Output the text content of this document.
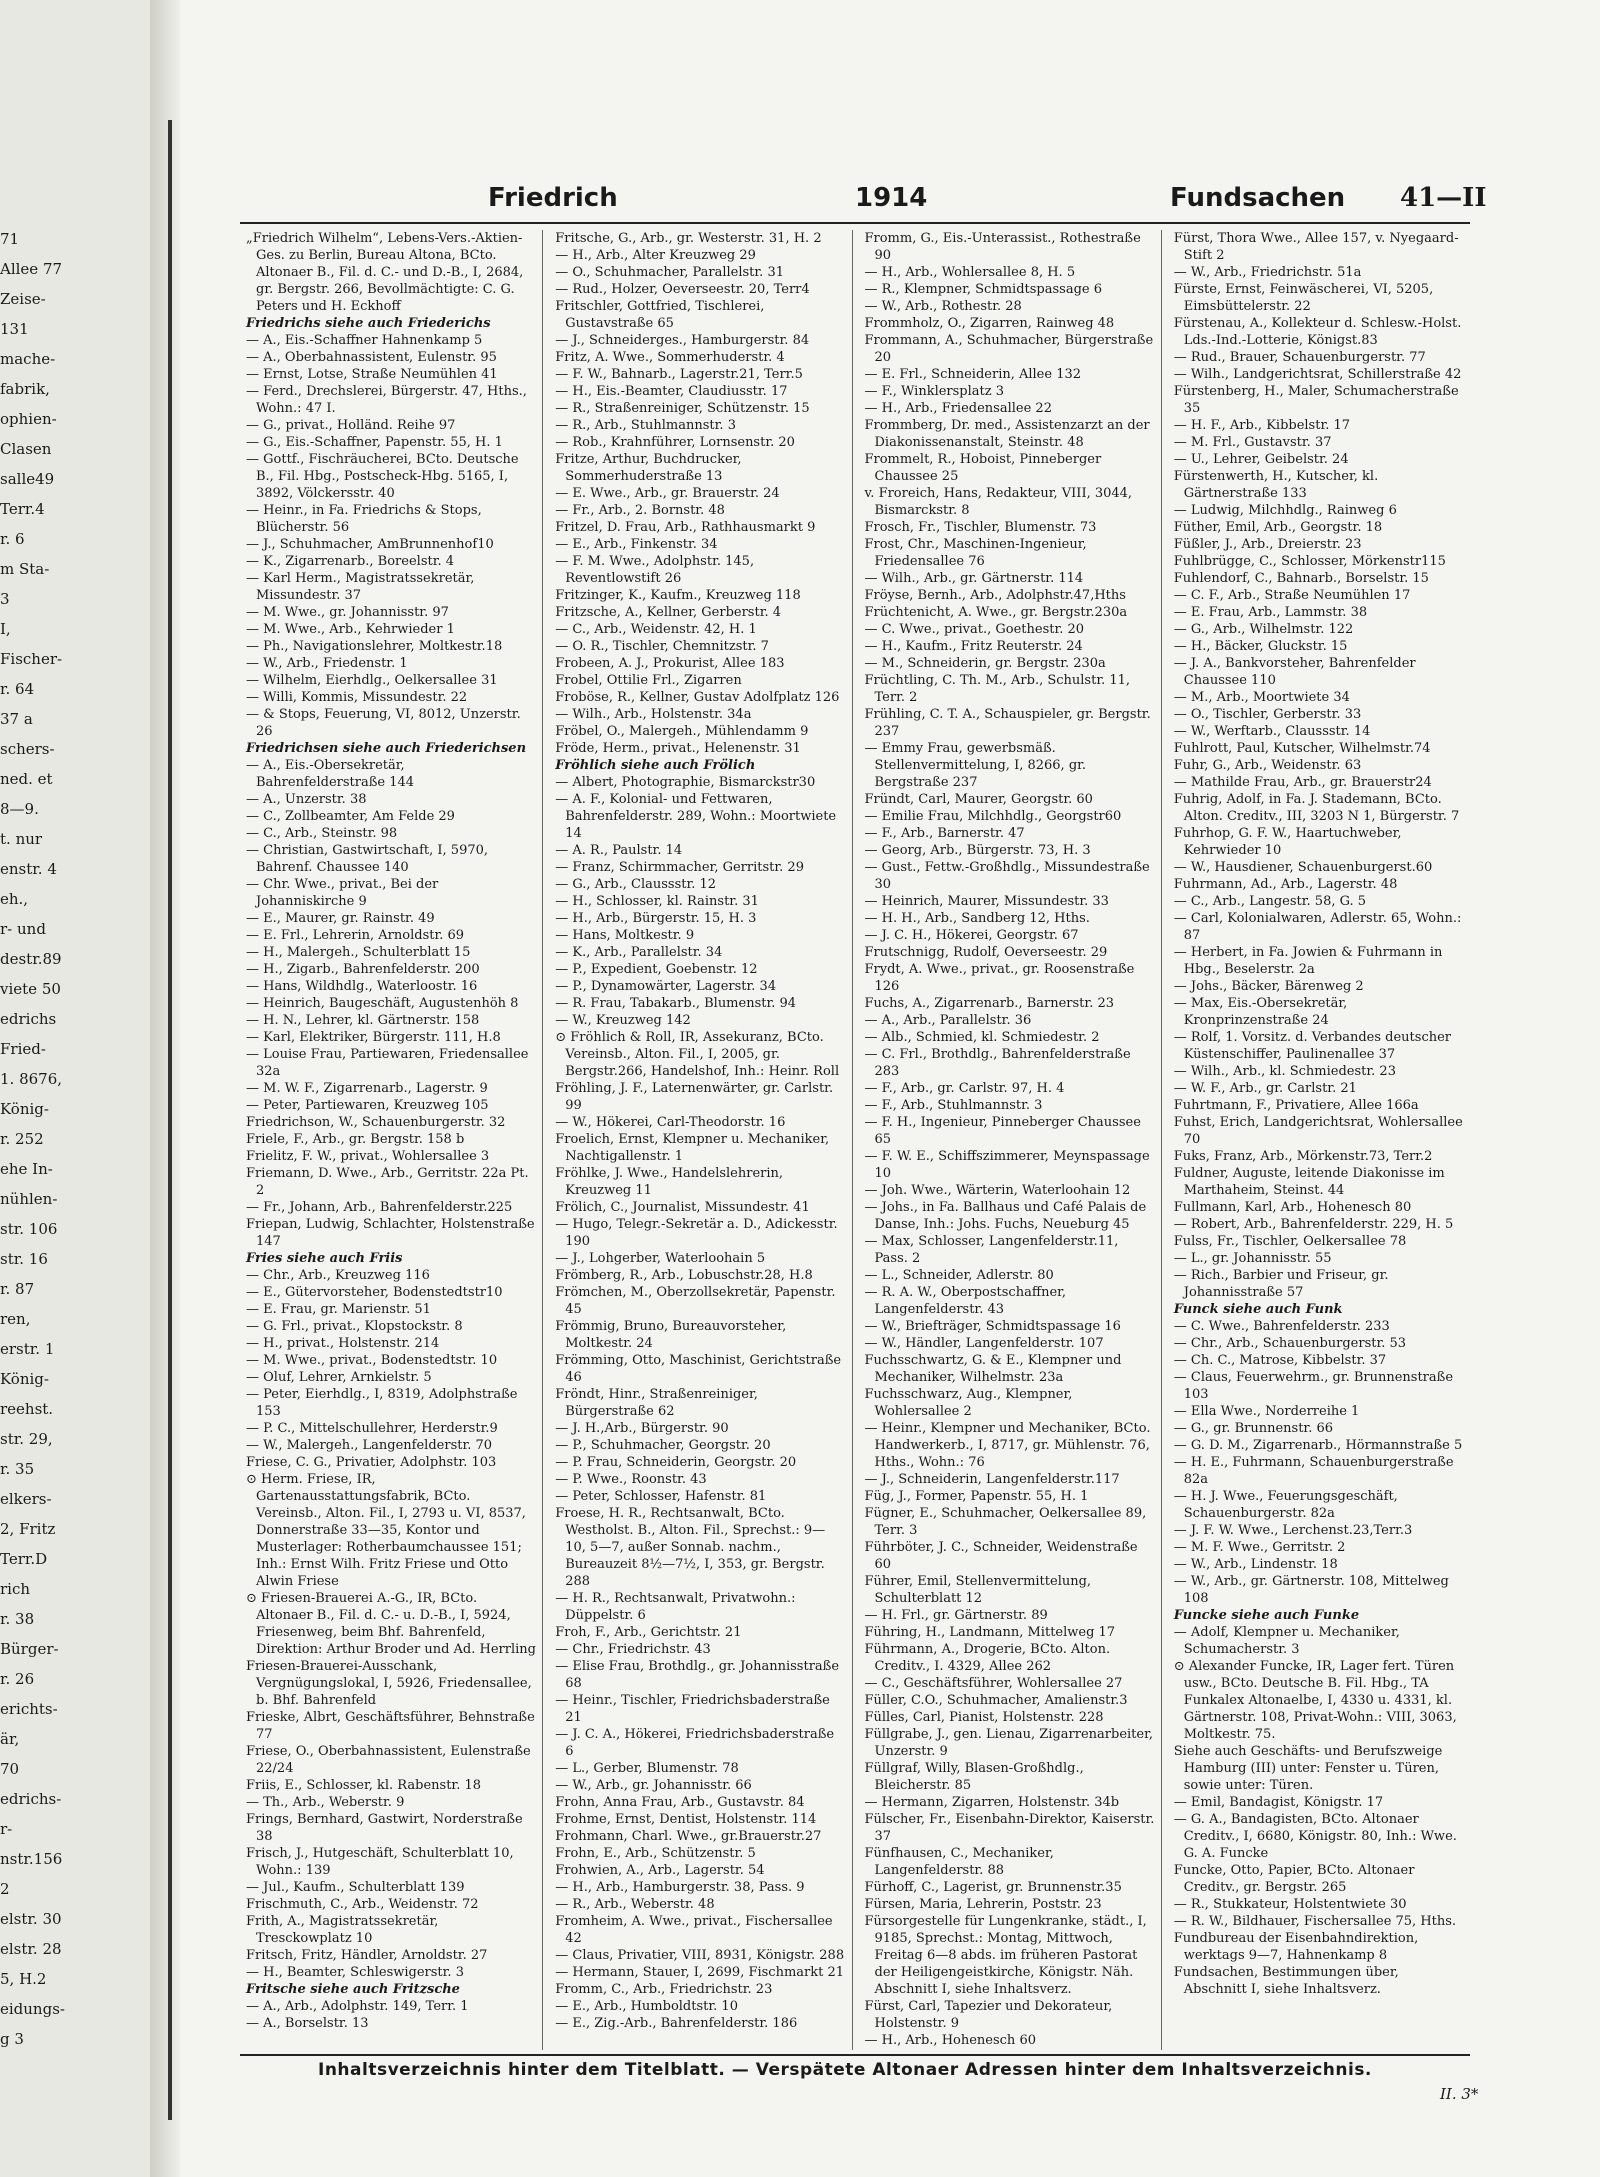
71
Allee 77
Zeise-
131
mache-
fabrik,
ophien-
Clasen
salle49
Terr.4
r. 6
m Sta-
3
I,
Fischer-
r. 64
37 a
schers-
ned. et
8—9.
t. nur
enstr. 4
eh.,
r- und
destr.89
viete 50
edrichs
Fried-
1. 8676,
König-
r. 252
ehe In-
nühlen-
str. 106
str. 16
r. 87
ren,
erstr. 1
König-
reehst.
str. 29,
r. 35
elkers-
2, Fritz
Terr.D
rich
r. 38
Bürger-
r. 26
erichts-
är,
70
edrichs-
r-
nstr.156
2
elstr. 30
elstr. 28
5, H.2
eidungs-
g 3
Friedrich	1914	Fundsachen 41—II

„Friedrich Wilhelm“, Lebens-Vers.-Aktien-Ges. zu Berlin, Bureau Altona, BCto. Altonaer B., Fil. d. C.- und D.-B., I, 2684, gr. Bergstr. 266, Bevollmächtigte: C. G. Peters und H. Eckhoff

Friedrichs siehe auch Friederichs

— A., Eis.-Schaffner Hahnenkamp 5

— A., Oberbahnassistent, Eulenstr. 95

— Ernst, Lotse, Straße Neumühlen 41

— Ferd., Drechslerei, Bürgerstr. 47, Hths., Wohn.: 47 I.

— G., privat., Holländ. Reihe 97

— G., Eis.-Schaffner, Papenstr. 55, H. 1

— Gottf., Fischräucherei, BCto. Deutsche B., Fil. Hbg., Postscheck-Hbg. 5165, I, 3892, Völckersstr. 40

— Heinr., in Fa. Friedrichs & Stops, Blücherstr. 56

— J., Schuhmacher, AmBrunnenhof10

— K., Zigarrenarb., Boreelstr. 4

— Karl Herm., Magistratssekretär, Missundestr. 37

— M. Wwe., gr. Johannisstr. 97

— M. Wwe., Arb., Kehrwieder 1

— Ph., Navigationslehrer, Moltkestr.18

— W., Arb., Friedenstr. 1

— Wilhelm, Eierhdlg., Oelkersallee 31

— Willi, Kommis, Missundestr. 22

— & Stops, Feuerung, VI, 8012, Unzerstr. 26

Friedrichsen siehe auch Friederichsen

— A., Eis.-Obersekretär, Bahrenfelderstraße 144

— A., Unzerstr. 38

— C., Zollbeamter, Am Felde 29

— C., Arb., Steinstr. 98

— Christian, Gastwirtschaft, I, 5970, Bahrenf. Chaussee 140

— Chr. Wwe., privat., Bei der Johanniskirche 9

— E., Maurer, gr. Rainstr. 49

— E. Frl., Lehrerin, Arnoldstr. 69

— H., Malergeh., Schulterblatt 15

— H., Zigarb., Bahrenfelderstr. 200

— Hans, Wildhdlg., Waterloostr. 16

— Heinrich, Baugeschäft, Augustenhöh 8

— H. N., Lehrer, kl. Gärtnerstr. 158

— Karl, Elektriker, Bürgerstr. 111, H.8

— Louise Frau, Partiewaren, Friedensallee 32a

— M. W. F., Zigarrenarb., Lagerstr. 9

— Peter, Partiewaren, Kreuzweg 105

Friedrichson, W., Schauenburgerstr. 32

Friele, F., Arb., gr. Bergstr. 158 b

Frielitz, F. W., privat., Wohlersallee 3

Friemann, D. Wwe., Arb., Gerritstr. 22a Pt. 2

— Fr., Johann, Arb., Bahrenfelderstr.225

Friepan, Ludwig, Schlachter, Holstenstraße 147

Fries siehe auch Friis

— Chr., Arb., Kreuzweg 116

— E., Gütervorsteher, Bodenstedtstr10

— E. Frau, gr. Marienstr. 51

— G. Frl., privat., Klopstockstr. 8

— H., privat., Holstenstr. 214

— M. Wwe., privat., Bodenstedtstr. 10

— Oluf, Lehrer, Arnkielstr. 5

— Peter, Eierhdlg., I, 8319, Adolphstraße 153

— P. C., Mittelschullehrer, Herderstr.9

— W., Malergeh., Langenfelderstr. 70

Friese, C. G., Privatier, Adolphstr. 103

⊙ Herm. Friese, IR, Gartenausstattungsfabrik, BCto. Vereinsb., Alton. Fil., I, 2793 u. VI, 8537, Donnerstraße 33—35, Kontor und Musterlager: Rotherbaumchaussee 151; Inh.: Ernst Wilh. Fritz Friese und Otto Alwin Friese

⊙ Friesen-Brauerei A.-G., IR, BCto. Altonaer B., Fil. d. C.- u. D.-B., I, 5924, Friesenweg, beim Bhf. Bahrenfeld, Direktion: Arthur Broder und Ad. Herrling

Friesen-Brauerei-Ausschank, Vergnügungslokal, I, 5926, Friedensallee, b. Bhf. Bahrenfeld

Frieske, Albrt, Geschäftsführer, Behnstraße 77

Friese, O., Oberbahnassistent, Eulenstraße 22/24

Friis, E., Schlosser, kl. Rabenstr. 18

— Th., Arb., Weberstr. 9

Frings, Bernhard, Gastwirt, Norderstraße 38

Frisch, J., Hutgeschäft, Schulterblatt 10, Wohn.: 139

— Jul., Kaufm., Schulterblatt 139

Frischmuth, C., Arb., Weidenstr. 72

Frith, A., Magistratssekretär, Tresckowplatz 10

Fritsch, Fritz, Händler, Arnoldstr. 27

— H., Beamter, Schleswigerstr. 3

Fritsche siehe auch Fritzsche

— A., Arb., Adolphstr. 149, Terr. 1

— A., Borselstr. 13

Fritsche, G., Arb., gr. Westerstr. 31, H. 2

— H., Arb., Alter Kreuzweg 29

— O., Schuhmacher, Parallelstr. 31

— Rud., Holzer, Oeverseestr. 20, Terr4

Fritschler, Gottfried, Tischlerei, Gustavstraße 65

— J., Schneiderges., Hamburgerstr. 84

Fritz, A. Wwe., Sommerhuderstr. 4

— F. W., Bahnarb., Lagerstr.21, Terr.5

— H., Eis.-Beamter, Claudiusstr. 17

— R., Straßenreiniger, Schützenstr. 15

— R., Arb., Stuhlmannstr. 3

— Rob., Krahnführer, Lornsenstr. 20

Fritze, Arthur, Buchdrucker, Sommerhuderstraße 13

— E. Wwe., Arb., gr. Brauerstr. 24

— Fr., Arb., 2. Bornstr. 48

Fritzel, D. Frau, Arb., Rathhausmarkt 9

— E., Arb., Finkenstr. 34

— F. M. Wwe., Adolphstr. 145, Reventlowstift 26

Fritzinger, K., Kaufm., Kreuzweg 118

Fritzsche, A., Kellner, Gerberstr. 4

— C., Arb., Weidenstr. 42, H. 1

— O. R., Tischler, Chemnitzstr. 7

Frobeen, A. J., Prokurist, Allee 183

Frobel, Ottilie Frl., Zigarren

Froböse, R., Kellner, Gustav Adolfplatz 126

— Wilh., Arb., Holstenstr. 34a

Fröbel, O., Malergeh., Mühlendamm 9

Fröde, Herm., privat., Helenenstr. 31

Fröhlich siehe auch Frölich

— Albert, Photographie, Bismarckstr30

— A. F., Kolonial- und Fettwaren, Bahrenfelderstr. 289, Wohn.: Moortwiete 14

— A. R., Paulstr. 14

— Franz, Schirmmacher, Gerritstr. 29

— G., Arb., Claussstr. 12

— H., Schlosser, kl. Rainstr. 31

— H., Arb., Bürgerstr. 15, H. 3

— Hans, Moltkestr. 9

— K., Arb., Parallelstr. 34

— P., Expedient, Goebenstr. 12

— P., Dynamowärter, Lagerstr. 34

— R. Frau, Tabakarb., Blumenstr. 94

— W., Kreuzweg 142

⊙ Fröhlich & Roll, IR, Assekuranz, BCto. Vereinsb., Alton. Fil., I, 2005, gr. Bergstr.266, Handelshof, Inh.: Heinr. Roll

Fröhling, J. F., Laternenwärter, gr. Carlstr. 99

— W., Hökerei, Carl-Theodorstr. 16

Froelich, Ernst, Klempner u. Mechaniker, Nachtigallenstr. 1

Fröhlke, J. Wwe., Handelslehrerin, Kreuzweg 11

Frölich, C., Journalist, Missundestr. 41

— Hugo, Telegr.-Sekretär a. D., Adickesstr. 190

— J., Lohgerber, Waterloohain 5

Frömberg, R., Arb., Lobuschstr.28, H.8

Frömchen, M., Oberzollsekretär, Papenstr. 45

Frömmig, Bruno, Bureauvorsteher, Moltkestr. 24

Frömming, Otto, Maschinist, Gerichtstraße 46

Fröndt, Hinr., Straßenreiniger, Bürgerstraße 62

— J. H.,Arb., Bürgerstr. 90

— P., Schuhmacher, Georgstr. 20

— P. Frau, Schneiderin, Georgstr. 20

— P. Wwe., Roonstr. 43

— Peter, Schlosser, Hafenstr. 81

Froese, H. R., Rechtsanwalt, BCto. Westholst. B., Alton. Fil., Sprechst.: 9—10, 5—7, außer Sonnab. nachm., Bureauzeit 8½—7½, I, 353, gr. Bergstr. 288

— H. R., Rechtsanwalt, Privatwohn.: Düppelstr. 6

Froh, F., Arb., Gerichtstr. 21

— Chr., Friedrichstr. 43

— Elise Frau, Brothdlg., gr. Johannisstraße 68

— Heinr., Tischler, Friedrichsbaderstraße 21

— J. C. A., Hökerei, Friedrichsbaderstraße 6

— L., Gerber, Blumenstr. 78

— W., Arb., gr. Johannisstr. 66

Frohn, Anna Frau, Arb., Gustavstr. 84

Frohme, Ernst, Dentist, Holstenstr. 114

Frohmann, Charl. Wwe., gr.Brauerstr.27

Frohn, E., Arb., Schützenstr. 5

Frohwien, A., Arb., Lagerstr. 54

— H., Arb., Hamburgerstr. 38, Pass. 9

— R., Arb., Weberstr. 48

Fromheim, A. Wwe., privat., Fischersallee 42

— Claus, Privatier, VIII, 8931, Königstr. 288

— Hermann, Stauer, I, 2699, Fischmarkt 21

Fromm, C., Arb., Friedrichstr. 23

— E., Arb., Humboldtstr. 10

— E., Zig.-Arb., Bahrenfelderstr. 186

Fromm, G., Eis.-Unterassist., Rothestraße 90

— H., Arb., Wohlersallee 8, H. 5

— R., Klempner, Schmidtspassage 6

— W., Arb., Rothestr. 28

Frommholz, O., Zigarren, Rainweg 48

Frommann, A., Schuhmacher, Bürgerstraße 20

— E. Frl., Schneiderin, Allee 132

— F., Winklersplatz 3

— H., Arb., Friedensallee 22

Frommberg, Dr. med., Assistenzarzt an der Diakonissenanstalt, Steinstr. 48

Frommelt, R., Hoboist, Pinneberger Chaussee 25

v. Froreich, Hans, Redakteur, VIII, 3044, Bismarckstr. 8

Frosch, Fr., Tischler, Blumenstr. 73

Frost, Chr., Maschinen-Ingenieur, Friedensallee 76

— Wilh., Arb., gr. Gärtnerstr. 114

Fröyse, Bernh., Arb., Adolphstr.47,Hths

Früchtenicht, A. Wwe., gr. Bergstr.230a

— C. Wwe., privat., Goethestr. 20

— H., Kaufm., Fritz Reuterstr. 24

— M., Schneiderin, gr. Bergstr. 230a

Früchtling, C. Th. M., Arb., Schulstr. 11, Terr. 2

Frühling, C. T. A., Schauspieler, gr. Bergstr. 237

— Emmy Frau, gewerbsmäß. Stellenvermittelung, I, 8266, gr. Bergstraße 237

Fründt, Carl, Maurer, Georgstr. 60

— Emilie Frau, Milchhdlg., Georgstr60

— F., Arb., Barnerstr. 47

— Georg, Arb., Bürgerstr. 73, H. 3

— Gust., Fettw.-Großhdlg., Missundestraße 30

— Heinrich, Maurer, Missundestr. 33

— H. H., Arb., Sandberg 12, Hths.

— J. C. H., Hökerei, Georgstr. 67

Frutschnigg, Rudolf, Oeverseestr. 29

Frydt, A. Wwe., privat., gr. Roosenstraße 126

Fuchs, A., Zigarrenarb., Barnerstr. 23

— A., Arb., Parallelstr. 36

— Alb., Schmied, kl. Schmiedestr. 2

— C. Frl., Brothdlg., Bahrenfelderstraße 283

— F., Arb., gr. Carlstr. 97, H. 4

— F., Arb., Stuhlmannstr. 3

— F. H., Ingenieur, Pinneberger Chaussee 65

— F. W. E., Schiffszimmerer, Meynspassage 10

— Joh. Wwe., Wärterin, Waterloohain 12

— Johs., in Fa. Ballhaus und Café Palais de Danse, Inh.: Johs. Fuchs, Neueburg 45

— Max, Schlosser, Langenfelderstr.11, Pass. 2

— L., Schneider, Adlerstr. 80

— R. A. W., Oberpostschaffner, Langenfelderstr. 43

— W., Briefträger, Schmidtspassage 16

— W., Händler, Langenfelderstr. 107

Fuchsschwartz, G. & E., Klempner und Mechaniker, Wilhelmstr. 23a

Fuchsschwarz, Aug., Klempner, Wohlersallee 2

— Heinr., Klempner und Mechaniker, BCto. Handwerkerb., I, 8717, gr. Mühlenstr. 76, Hths., Wohn.: 76

— J., Schneiderin, Langenfelderstr.117

Füg, J., Former, Papenstr. 55, H. 1

Fügner, E., Schuhmacher, Oelkersallee 89, Terr. 3

Führböter, J. C., Schneider, Weidenstraße 60

Führer, Emil, Stellenvermittelung, Schulterblatt 12

— H. Frl., gr. Gärtnerstr. 89

Führing, H., Landmann, Mittelweg 17

Führmann, A., Drogerie, BCto. Alton. Creditv., I. 4329, Allee 262

— C., Geschäftsführer, Wohlersallee 27

Füller, C.O., Schuhmacher, Amalienstr.3

Fülles, Carl, Pianist, Holstenstr. 228

Füllgrabe, J., gen. Lienau, Zigarrenarbeiter, Unzerstr. 9

Füllgraf, Willy, Blasen-Großhdlg., Bleicherstr. 85

— Hermann, Zigarren, Holstenstr. 34b

Fülscher, Fr., Eisenbahn-Direktor, Kaiserstr. 37

Fünfhausen, C., Mechaniker, Langenfelderstr. 88

Fürhoff, C., Lagerist, gr. Brunnenstr.35

Fürsen, Maria, Lehrerin, Poststr. 23

Fürsorgestelle für Lungenkranke, städt., I, 9185, Sprechst.: Montag, Mittwoch, Freitag 6—8 abds. im früheren Pastorat der Heiligengeistkirche, Königstr. Näh. Abschnitt I, siehe Inhaltsverz.

Fürst, Carl, Tapezier und Dekorateur, Holstenstr. 9

— H., Arb., Hohenesch 60

Fürst, Thora Wwe., Allee 157, v. Nyegaard-Stift 2

— W., Arb., Friedrichstr. 51a

Fürste, Ernst, Feinwäscherei, VI, 5205, Eimsbüttelerstr. 22

Fürstenau, A., Kollekteur d. Schlesw.-Holst. Lds.-Ind.-Lotterie, Königst.83

— Rud., Brauer, Schauenburgerstr. 77

— Wilh., Landgerichtsrat, Schillerstraße 42

Fürstenberg, H., Maler, Schumacherstraße 35

— H. F., Arb., Kibbelstr. 17

— M. Frl., Gustavstr. 37

— U., Lehrer, Geibelstr. 24

Fürstenwerth, H., Kutscher, kl. Gärtnerstraße 133

— Ludwig, Milchhdlg., Rainweg 6

Füther, Emil, Arb., Georgstr. 18

Füßler, J., Arb., Dreierstr. 23

Fuhlbrügge, C., Schlosser, Mörkenstr115

Fuhlendorf, C., Bahnarb., Borselstr. 15

— C. F., Arb., Straße Neumühlen 17

— E. Frau, Arb., Lammstr. 38

— G., Arb., Wilhelmstr. 122

— H., Bäcker, Gluckstr. 15

— J. A., Bankvorsteher, Bahrenfelder Chaussee 110

— M., Arb., Moortwiete 34

— O., Tischler, Gerberstr. 33

— W., Werftarb., Claussstr. 14

Fuhlrott, Paul, Kutscher, Wilhelmstr.74

Fuhr, G., Arb., Weidenstr. 63

— Mathilde Frau, Arb., gr. Brauerstr24

Fuhrig, Adolf, in Fa. J. Stademann, BCto. Alton. Creditv., III, 3203 N 1, Bürgerstr. 7

Fuhrhop, G. F. W., Haartuchweber, Kehrwieder 10

— W., Hausdiener, Schauenburgerst.60

Fuhrmann, Ad., Arb., Lagerstr. 48

— C., Arb., Langestr. 58, G. 5

— Carl, Kolonialwaren, Adlerstr. 65, Wohn.: 87

— Herbert, in Fa. Jowien & Fuhrmann in Hbg., Beselerstr. 2a

— Johs., Bäcker, Bärenweg 2

— Max, Eis.-Obersekretär, Kronprinzenstraße 24

— Rolf, 1. Vorsitz. d. Verbandes deutscher Küstenschiffer, Paulinenallee 37

— Wilh., Arb., kl. Schmiedestr. 23

— W. F., Arb., gr. Carlstr. 21

Fuhrtmann, F., Privatiere, Allee 166a

Fuhst, Erich, Landgerichtsrat, Wohlersallee 70

Fuks, Franz, Arb., Mörkenstr.73, Terr.2

Fuldner, Auguste, leitende Diakonisse im Marthaheim, Steinst. 44

Fullmann, Karl, Arb., Hohenesch 80

— Robert, Arb., Bahrenfelderstr. 229, H. 5

Fulss, Fr., Tischler, Oelkersallee 78

— L., gr. Johannisstr. 55

— Rich., Barbier und Friseur, gr. Johannisstraße 57

Funck siehe auch Funk

— C. Wwe., Bahrenfelderstr. 233

— Chr., Arb., Schauenburgerstr. 53

— Ch. C., Matrose, Kibbelstr. 37

— Claus, Feuerwehrm., gr. Brunnenstraße 103

— Ella Wwe., Norderreihe 1

— G., gr. Brunnenstr. 66

— G. D. M., Zigarrenarb., Hörmannstraße 5

— H. E., Fuhrmann, Schauenburgerstraße 82a

— H. J. Wwe., Feuerungsgeschäft, Schauenburgerstr. 82a

— J. F. W. Wwe., Lerchenst.23,Terr.3

— M. F. Wwe., Gerritstr. 2

— W., Arb., Lindenstr. 18

— W., Arb., gr. Gärtnerstr. 108, Mittelweg 108

Funcke siehe auch Funke

— Adolf, Klempner u. Mechaniker, Schumacherstr. 3

⊙ Alexander Funcke, IR, Lager fert. Türen usw., BCto. Deutsche B. Fil. Hbg., TA Funkalex Altonaelbe, I, 4330 u. 4331, kl. Gärtnerstr. 108, Privat-Wohn.: VIII, 3063, Moltkestr. 75.

Siehe auch Geschäfts- und Berufszweige Hamburg (III) unter: Fenster u. Türen, sowie unter: Türen.

— Emil, Bandagist, Königstr. 17

— G. A., Bandagisten, BCto. Altonaer Creditv., I, 6680, Königstr. 80, Inh.: Wwe. G. A. Funcke

Funcke, Otto, Papier, BCto. Altonaer Creditv., gr. Bergstr. 265

— R., Stukkateur, Holstentwiete 30

— R. W., Bildhauer, Fischersallee 75, Hths.

Fundbureau der Eisenbahndirektion, werktags 9—7, Hahnenkamp 8

Fundsachen, Bestimmungen über, Abschnitt I, siehe Inhaltsverz.

Inhaltsverzeichnis hinter dem Titelblatt. — Verspätete Altonaer Adressen hinter dem Inhaltsverzeichnis.
II. 3*
